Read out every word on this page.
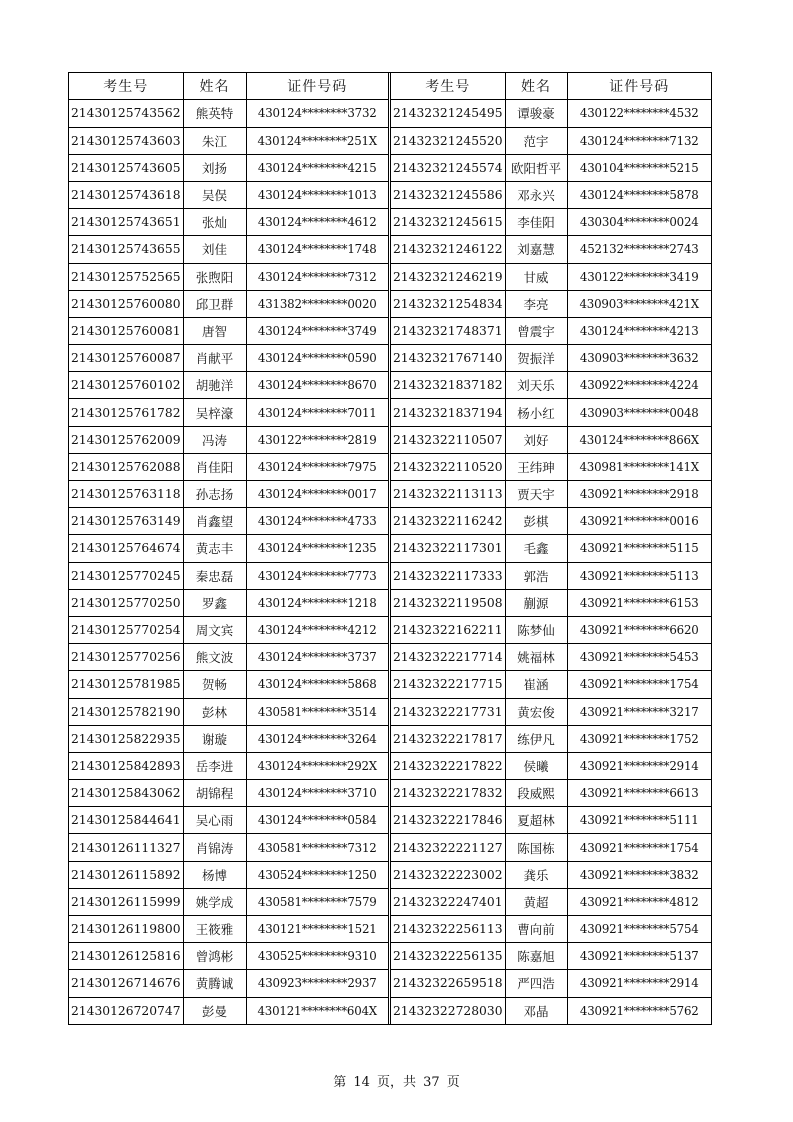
考生号	姓名	证件号码
21430125743562	熊英特	430124********3732
21430125743603	朱江	430124********251X
21430125743605	刘扬	430124********4215
21430125743618	吴俣	430124********1013
21430125743651	张灿	430124********4612
21430125743655	刘佳	430124********1748
21430125752565	张煦阳	430124********7312
21430125760080	邱卫群	431382********0020
21430125760081	唐智	430124********3749
21430125760087	肖献平	430124********0590
21430125760102	胡驰洋	430124********8670
21430125761782	吴梓濠	430124********7011
21430125762009	冯涛	430122********2819
21430125762088	肖佳阳	430124********7975
21430125763118	孙志扬	430124********0017
21430125763149	肖鑫望	430124********4733
21430125764674	黄志丰	430124********1235
21430125770245	秦忠磊	430124********7773
21430125770250	罗鑫	430124********1218
21430125770254	周文宾	430124********4212
21430125770256	熊文波	430124********3737
21430125781985	贺畅	430124********5868
21430125782190	彭林	430581********3514
21430125822935	谢璇	430124********3264
21430125842893	岳李进	430124********292X
21430125843062	胡锦程	430124********3710
21430125844641	吴心雨	430124********0584
21430126111327	肖锦涛	430581********7312
21430126115892	杨博	430524********1250
21430126115999	姚学成	430581********7579
21430126119800	王筱雅	430121********1521
21430126125816	曾鸿彬	430525********9310
21430126714676	黄腾诚	430923********2937
21430126720747	彭曼	430121********604X
考生号	姓名	证件号码
21432321245495	谭骏豪	430122********4532
21432321245520	范宇	430124********7132
21432321245574	欧阳哲平	430104********5215
21432321245586	邓永兴	430124********5878
21432321245615	李佳阳	430304********0024
21432321246122	刘嘉慧	452132********2743
21432321246219	甘威	430122********3419
21432321254834	李亮	430903********421X
21432321748371	曾震宇	430124********4213
21432321767140	贺振洋	430903********3632
21432321837182	刘天乐	430922********4224
21432321837194	杨小红	430903********0048
21432322110507	刘好	430124********866X
21432322110520	王纬珅	430981********141X
21432322113113	贾天宇	430921********2918
21432322116242	彭棋	430921********0016
21432322117301	毛鑫	430921********5115
21432322117333	郭浩	430921********5113
21432322119508	蒯源	430921********6153
21432322162211	陈梦仙	430921********6620
21432322217714	姚福林	430921********5453
21432322217715	崔涵	430921********1754
21432322217731	黄宏俊	430921********3217
21432322217817	练伊凡	430921********1752
21432322217822	侯曦	430921********2914
21432322217832	段威熙	430921********6613
21432322217846	夏超林	430921********5111
21432322221127	陈国栋	430921********1754
21432322223002	龚乐	430921********3832
21432322247401	黄超	430921********4812
21432322256113	曹向前	430921********5754
21432322256135	陈嘉旭	430921********5137
21432322659518	严四浩	430921********2914
21432322728030	邓晶	430921********5762
第 14 页，共 37 页
